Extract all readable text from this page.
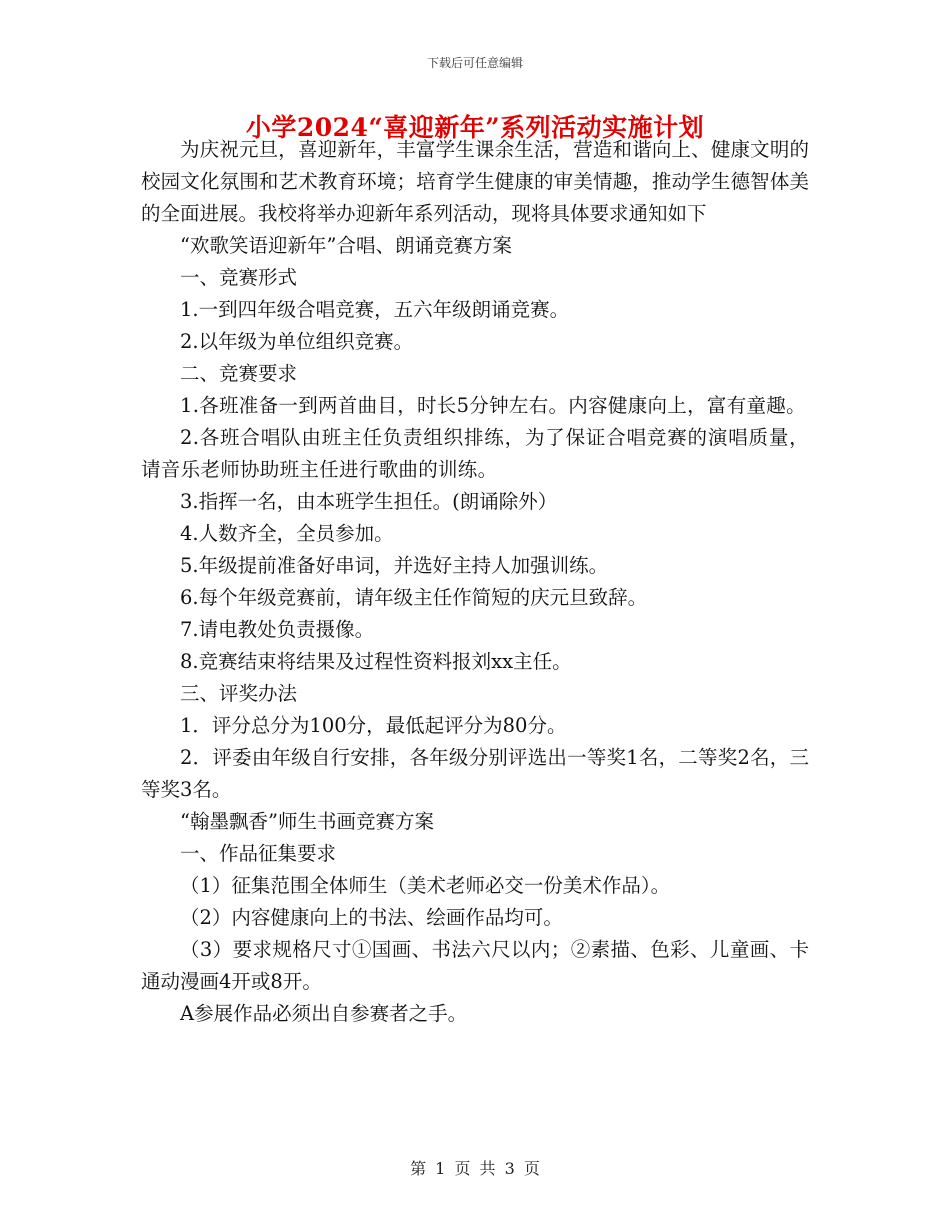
下载后可任意编辑
小学2024“喜迎新年”系列活动实施计划

为庆祝元旦，喜迎新年，丰富学生课余生活，营造和谐向上、健康文明的校园文化氛围和艺术教育环境；培育学生健康的审美情趣，推动学生德智体美的全面进展。我校将举办迎新年系列活动，现将具体要求通知如下

“欢歌笑语迎新年”合唱、朗诵竞赛方案

一、竞赛形式

1.一到四年级合唱竞赛，五六年级朗诵竞赛。

2.以年级为单位组织竞赛。

二、竞赛要求

1.各班准备一到两首曲目，时长5分钟左右。内容健康向上，富有童趣。

2.各班合唱队由班主任负责组织排练，为了保证合唱竞赛的演唱质量，请音乐老师协助班主任进行歌曲的训练。

3.指挥一名，由本班学生担任。(朗诵除外）

4.人数齐全，全员参加。

5.年级提前准备好串词，并选好主持人加强训练。

6.每个年级竞赛前，请年级主任作简短的庆元旦致辞。

7.请电教处负责摄像。

8.竞赛结束将结果及过程性资料报刘xx主任。

三、评奖办法

1．评分总分为100分，最低起评分为80分。

2．评委由年级自行安排，各年级分别评选出一等奖1名，二等奖2名，三等奖3名。

“翰墨飘香”师生书画竞赛方案

一、作品征集要求

（1）征集范围全体师生（美术老师必交一份美术作品）。

（2）内容健康向上的书法、绘画作品均可。

（3）要求规格尺寸①国画、书法六尺以内；②素描、色彩、儿童画、卡通动漫画4开或8开。

A参展作品必须出自参赛者之手。

第 1 页 共 3 页
